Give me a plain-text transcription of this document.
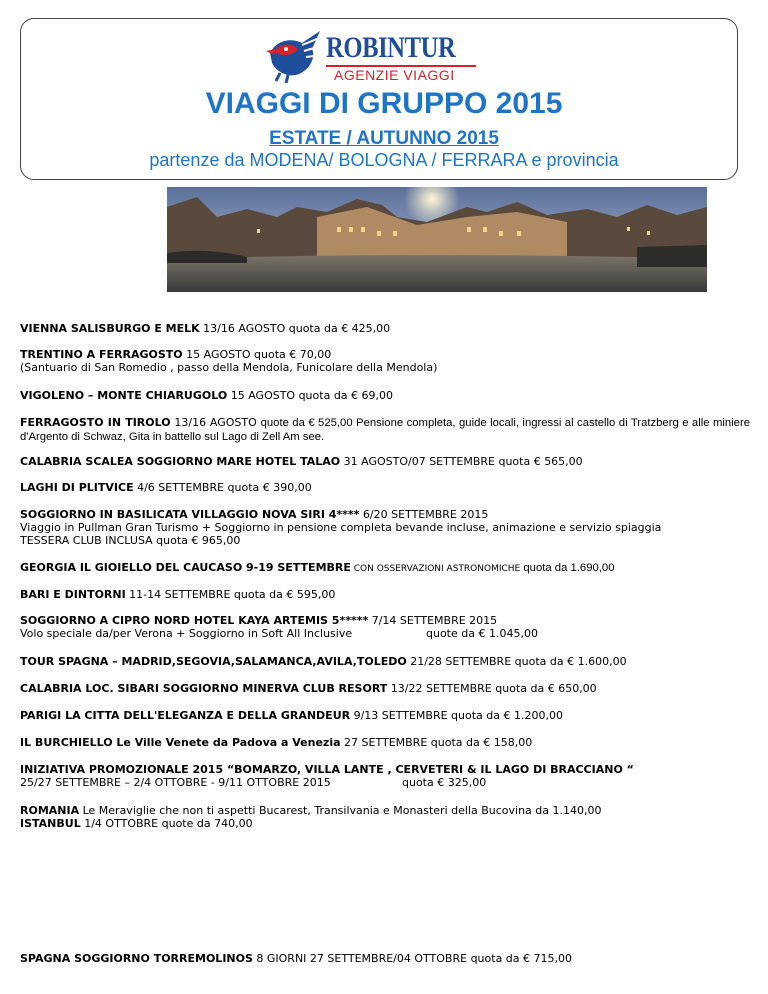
ROBINTUR
AGENZIE VIAGGI
VIAGGI DI GRUPPO 2015
ESTATE / AUTUNNO 2015
partenze da MODENA/ BOLOGNA / FERRARA e provincia
VIENNA SALISBURGO E MELK 13/16 AGOSTO quota da € 425,00
TRENTINO A FERRAGOSTO 15 AGOSTO quota € 70,00
(Santuario di San Romedio , passo della Mendola, Funicolare della Mendola)
VIGOLENO – MONTE CHIARUGOLO 15 AGOSTO quota da € 69,00
FERRAGOSTO IN TIROLO 13/16 AGOSTO quote da € 525,00 Pensione completa, guide locali, ingressi al castello di Tratzberg e alle miniere d'Argento di Schwaz, Gita in battello sul Lago di Zell Am see.
CALABRIA SCALEA SOGGIORNO MARE HOTEL TALAO 31 AGOSTO/07 SETTEMBRE quota € 565,00
LAGHI DI PLITVICE 4/6 SETTEMBRE quota € 390,00
SOGGIORNO IN BASILICATA VILLAGGIO NOVA SIRI 4**** 6/20 SETTEMBRE 2015
Viaggio in Pullman Gran Turismo + Soggiorno in pensione completa bevande incluse, animazione e servizio spiaggia
TESSERA CLUB INCLUSA quota € 965,00
GEORGIA IL GIOIELLO DEL CAUCASO 9-19 SETTEMBRE CON OSSERVAZIONI ASTRONOMICHE quota da 1.690,00
BARI E DINTORNI 11-14 SETTEMBRE quota da € 595,00
SOGGIORNO A CIPRO NORD HOTEL KAYA ARTEMIS 5***** 7/14 SETTEMBRE 2015
Volo speciale da/per Verona + Soggiorno in Soft All Inclusive	quote da € 1.045,00
TOUR SPAGNA – MADRID,SEGOVIA,SALAMANCA,AVILA,TOLEDO 21/28 SETTEMBRE quota da € 1.600,00
CALABRIA LOC. SIBARI SOGGIORNO MINERVA CLUB RESORT 13/22 SETTEMBRE quota da € 650,00
PARIGI LA CITTA DELL'ELEGANZA E DELLA GRANDEUR 9/13 SETTEMBRE quota da € 1.200,00
IL BURCHIELLO Le Ville Venete da Padova a Venezia 27 SETTEMBRE quota da € 158,00
INIZIATIVA PROMOZIONALE 2015 “BOMARZO, VILLA LANTE , CERVETERI & IL LAGO DI BRACCIANO “
25/27 SETTEMBRE – 2/4 OTTOBRE - 9/11 OTTOBRE 2015	quota € 325,00
ROMANIA Le Meraviglie che non ti aspetti Bucarest, Transilvania e Monasteri della Bucovina da 1.140,00
ISTANBUL 1/4 OTTOBRE quote da 740,00
SPAGNA SOGGIORNO TORREMOLINOS 8 GIORNI 27 SETTEMBRE/04 OTTOBRE quota da € 715,00
